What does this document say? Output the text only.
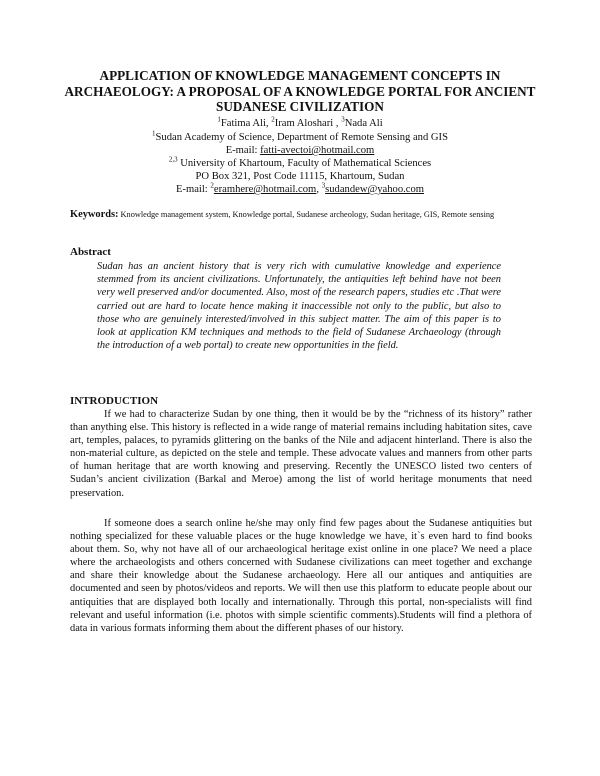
APPLICATION OF KNOWLEDGE MANAGEMENT CONCEPTS IN ARCHAEOLOGY: A PROPOSAL OF A KNOWLEDGE PORTAL FOR ANCIENT SUDANESE CIVILIZATION
$^1$Fatima Ali, $^2$Iram Aloshari , $^3$Nada Ali
$^1$Sudan Academy of Science, Department of Remote Sensing and GIS
E-mail: fatti-avectoi@hotmail.com
$^{2,3}$ University of Khartoum, Faculty of Mathematical Sciences
PO Box 321, Post Code 11115, Khartoum, Sudan
E-mail: $^2$eramhere@hotmail.com, $^3$sudandew@yahoo.com
Keywords: Knowledge management system, Knowledge portal, Sudanese archeology, Sudan heritage, GIS, Remote sensing
Abstract
Sudan has an ancient history that is very rich with cumulative knowledge and experience stemmed from its ancient civilizations. Unfortunately, the antiquities left behind have not been very well preserved and/or documented. Also, most of the research papers, studies etc .That were carried out are hard to locate hence making it inaccessible not only to the public, but also to those who are genuinely interested/involved in this subject matter. The aim of this paper is to look at application KM techniques and methods to the field of Sudanese Archaeology (through the introduction of a web portal) to create new opportunities in the field.
INTRODUCTION
If we had to characterize Sudan by one thing, then it would be by the “richness of its history” rather than anything else. This history is reflected in a wide range of material remains including habitation sites, cave art, temples, palaces, to pyramids glittering on the banks of the Nile and adjacent hinterland. There is also the non-material culture, as depicted on the stele and temple. These advocate values and manners from other parts of human heritage that are worth knowing and preserving. Recently the UNESCO listed two centers of Sudan’s ancient civilization (Barkal and Meroe) among the list of world heritage monuments that need preservation.
If someone does a search online he/she may only find few pages about the Sudanese antiquities but nothing specialized for these valuable places or the huge knowledge we have, it`s even hard to find books about them. So, why not have all of our archaeological heritage exist online in one place? We need a place where the archaeologists and others concerned with Sudanese civilizations can meet together and exchange and share their knowledge about the Sudanese archaeology. Here all our antiques and antiquities are documented and seen by photos/videos and reports. We will then use this platform to educate people about our antiquities that are displayed both locally and internationally. Through this portal, non-specialists will find relevant and useful information (i.e. photos with simple scientific comments).Students will find a plethora of data in various formats informing them about the different phases of our history.
